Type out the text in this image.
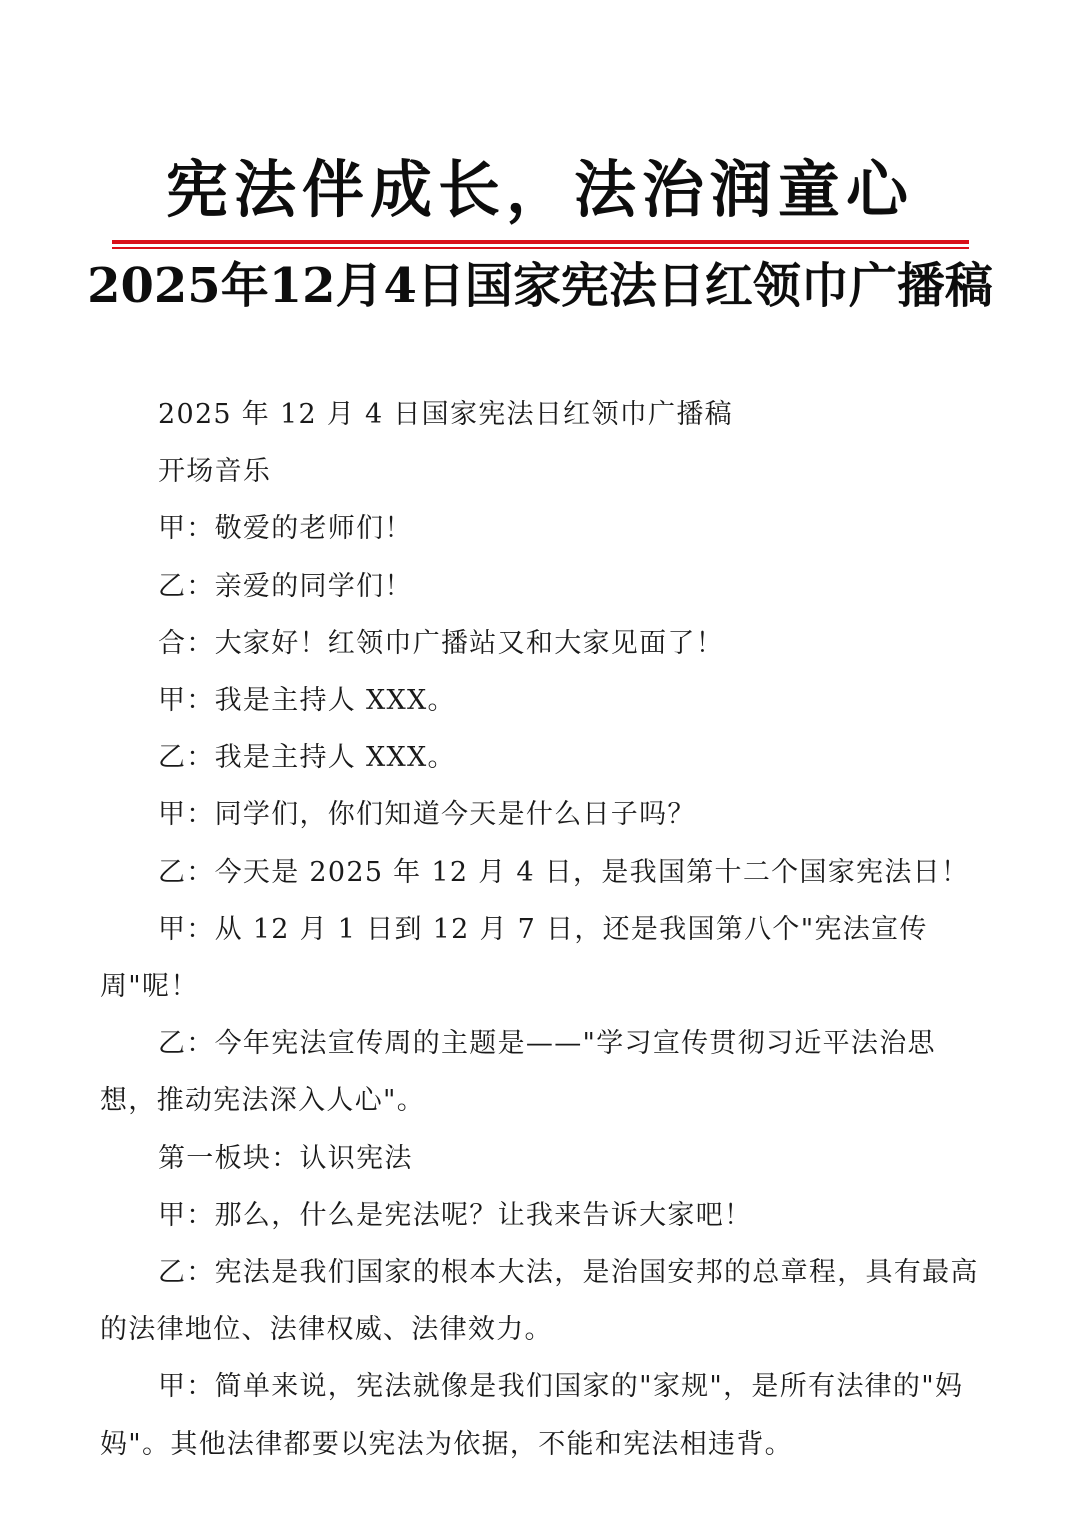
宪法伴成长，法治润童心
2025年12月4日国家宪法日红领巾广播稿

2025 年 12 月 4 日国家宪法日红领巾广播稿

开场音乐

甲：敬爱的老师们！

乙：亲爱的同学们！

合：大家好！红领巾广播站又和大家见面了！

甲：我是主持人 XXX。

乙：我是主持人 XXX。

甲：同学们，你们知道今天是什么日子吗？

乙：今天是 2025 年 12 月 4 日，是我国第十二个国家宪法日！

甲：从 12 月 1 日到 12 月 7 日，还是我国第八个"宪法宣传周"呢！

乙：今年宪法宣传周的主题是——"学习宣传贯彻习近平法治思想，推动宪法深入人心"。

第一板块：认识宪法

甲：那么，什么是宪法呢？让我来告诉大家吧！

乙：宪法是我们国家的根本大法，是治国安邦的总章程，具有最高的法律地位、法律权威、法律效力。

甲：简单来说，宪法就像是我们国家的"家规"，是所有法律的"妈妈"。其他法律都要以宪法为依据，不能和宪法相违背。
